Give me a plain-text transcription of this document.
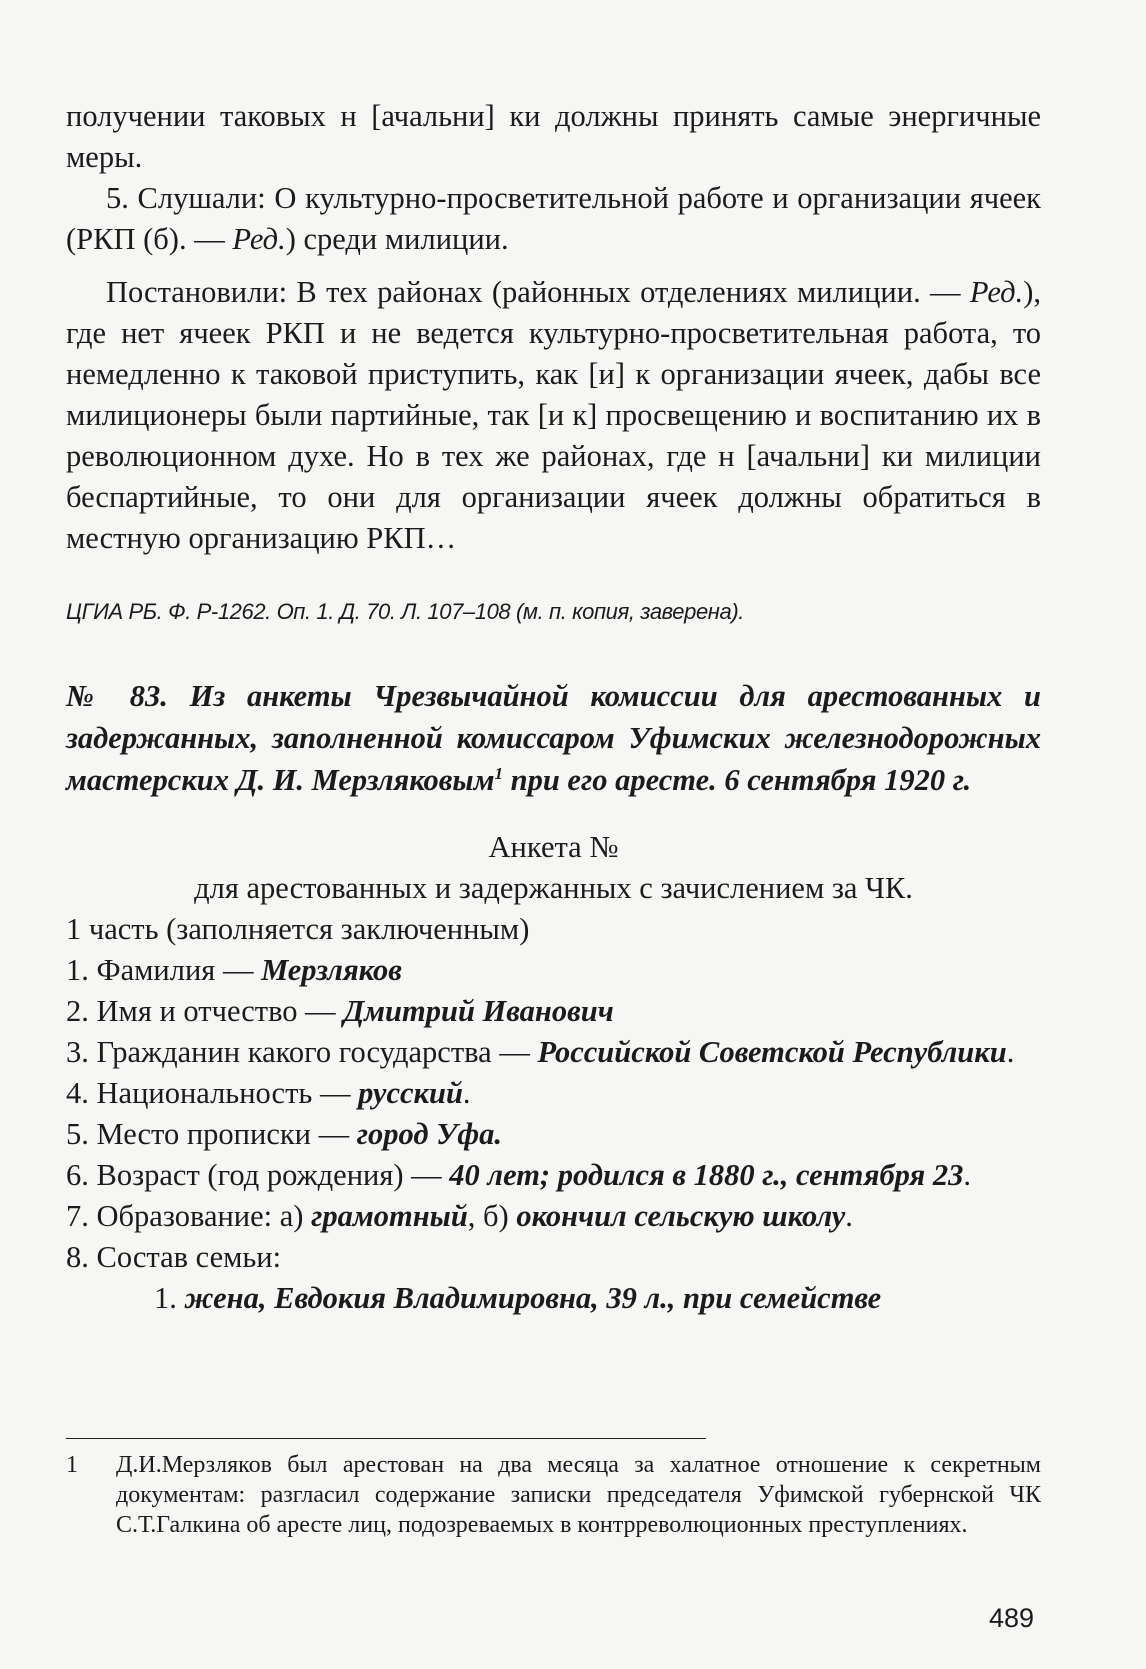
получении таковых н [ачальни] ки должны принять самые энергичные меры.

5. Слушали: О культурно-просветительной работе и организации ячеек (РКП (б). — Ред.) среди милиции.

Постановили: В тех районах (районных отделениях милиции. — Ред.), где нет ячеек РКП и не ведется культурно-просветительная работа, то немедленно к таковой приступить, как [и] к организации ячеек, дабы все милиционеры были партийные, так [и к] просвещению и воспитанию их в революционном духе. Но в тех же районах, где н [ачальни] ки милиции беспартийные, то они для организации ячеек должны обратиться в местную организацию РКП…

ЦГИА РБ. Ф. Р-1262. Оп. 1. Д. 70. Л. 107–108 (м. п. копия, заверена).

№ 83. Из анкеты Чрезвычайной комиссии для арестованных и задержанных, заполненной комиссаром Уфимских железнодорожных мастерских Д. И. Мерзляковым$^1$ при его аресте. 6 сентября 1920 г.

Анкета №

для арестованных и задержанных с зачислением за ЧК.

1 часть (заполняется заключенным)

1. Фамилия — Мерзляков

2. Имя и отчество — Дмитрий Иванович

3. Гражданин какого государства — Российской Советской Республики.

4. Национальность — русский.

5. Место прописки — город Уфа.

6. Возраст (год рождения) — 40 лет; родился в 1880 г., сентября 23.

7. Образование: а) грамотный, б) окончил сельскую школу.

8. Состав семьи:

1. жена, Евдокия Владимировна, 39 л., при семействе

1	Д.И.Мерзляков был арестован на два месяца за халатное отношение к секретным документам: разгласил содержание записки председателя Уфимской губернской ЧК С.Т.Галкина об аресте лиц, подозреваемых в контрреволюционных преступлениях.
489
